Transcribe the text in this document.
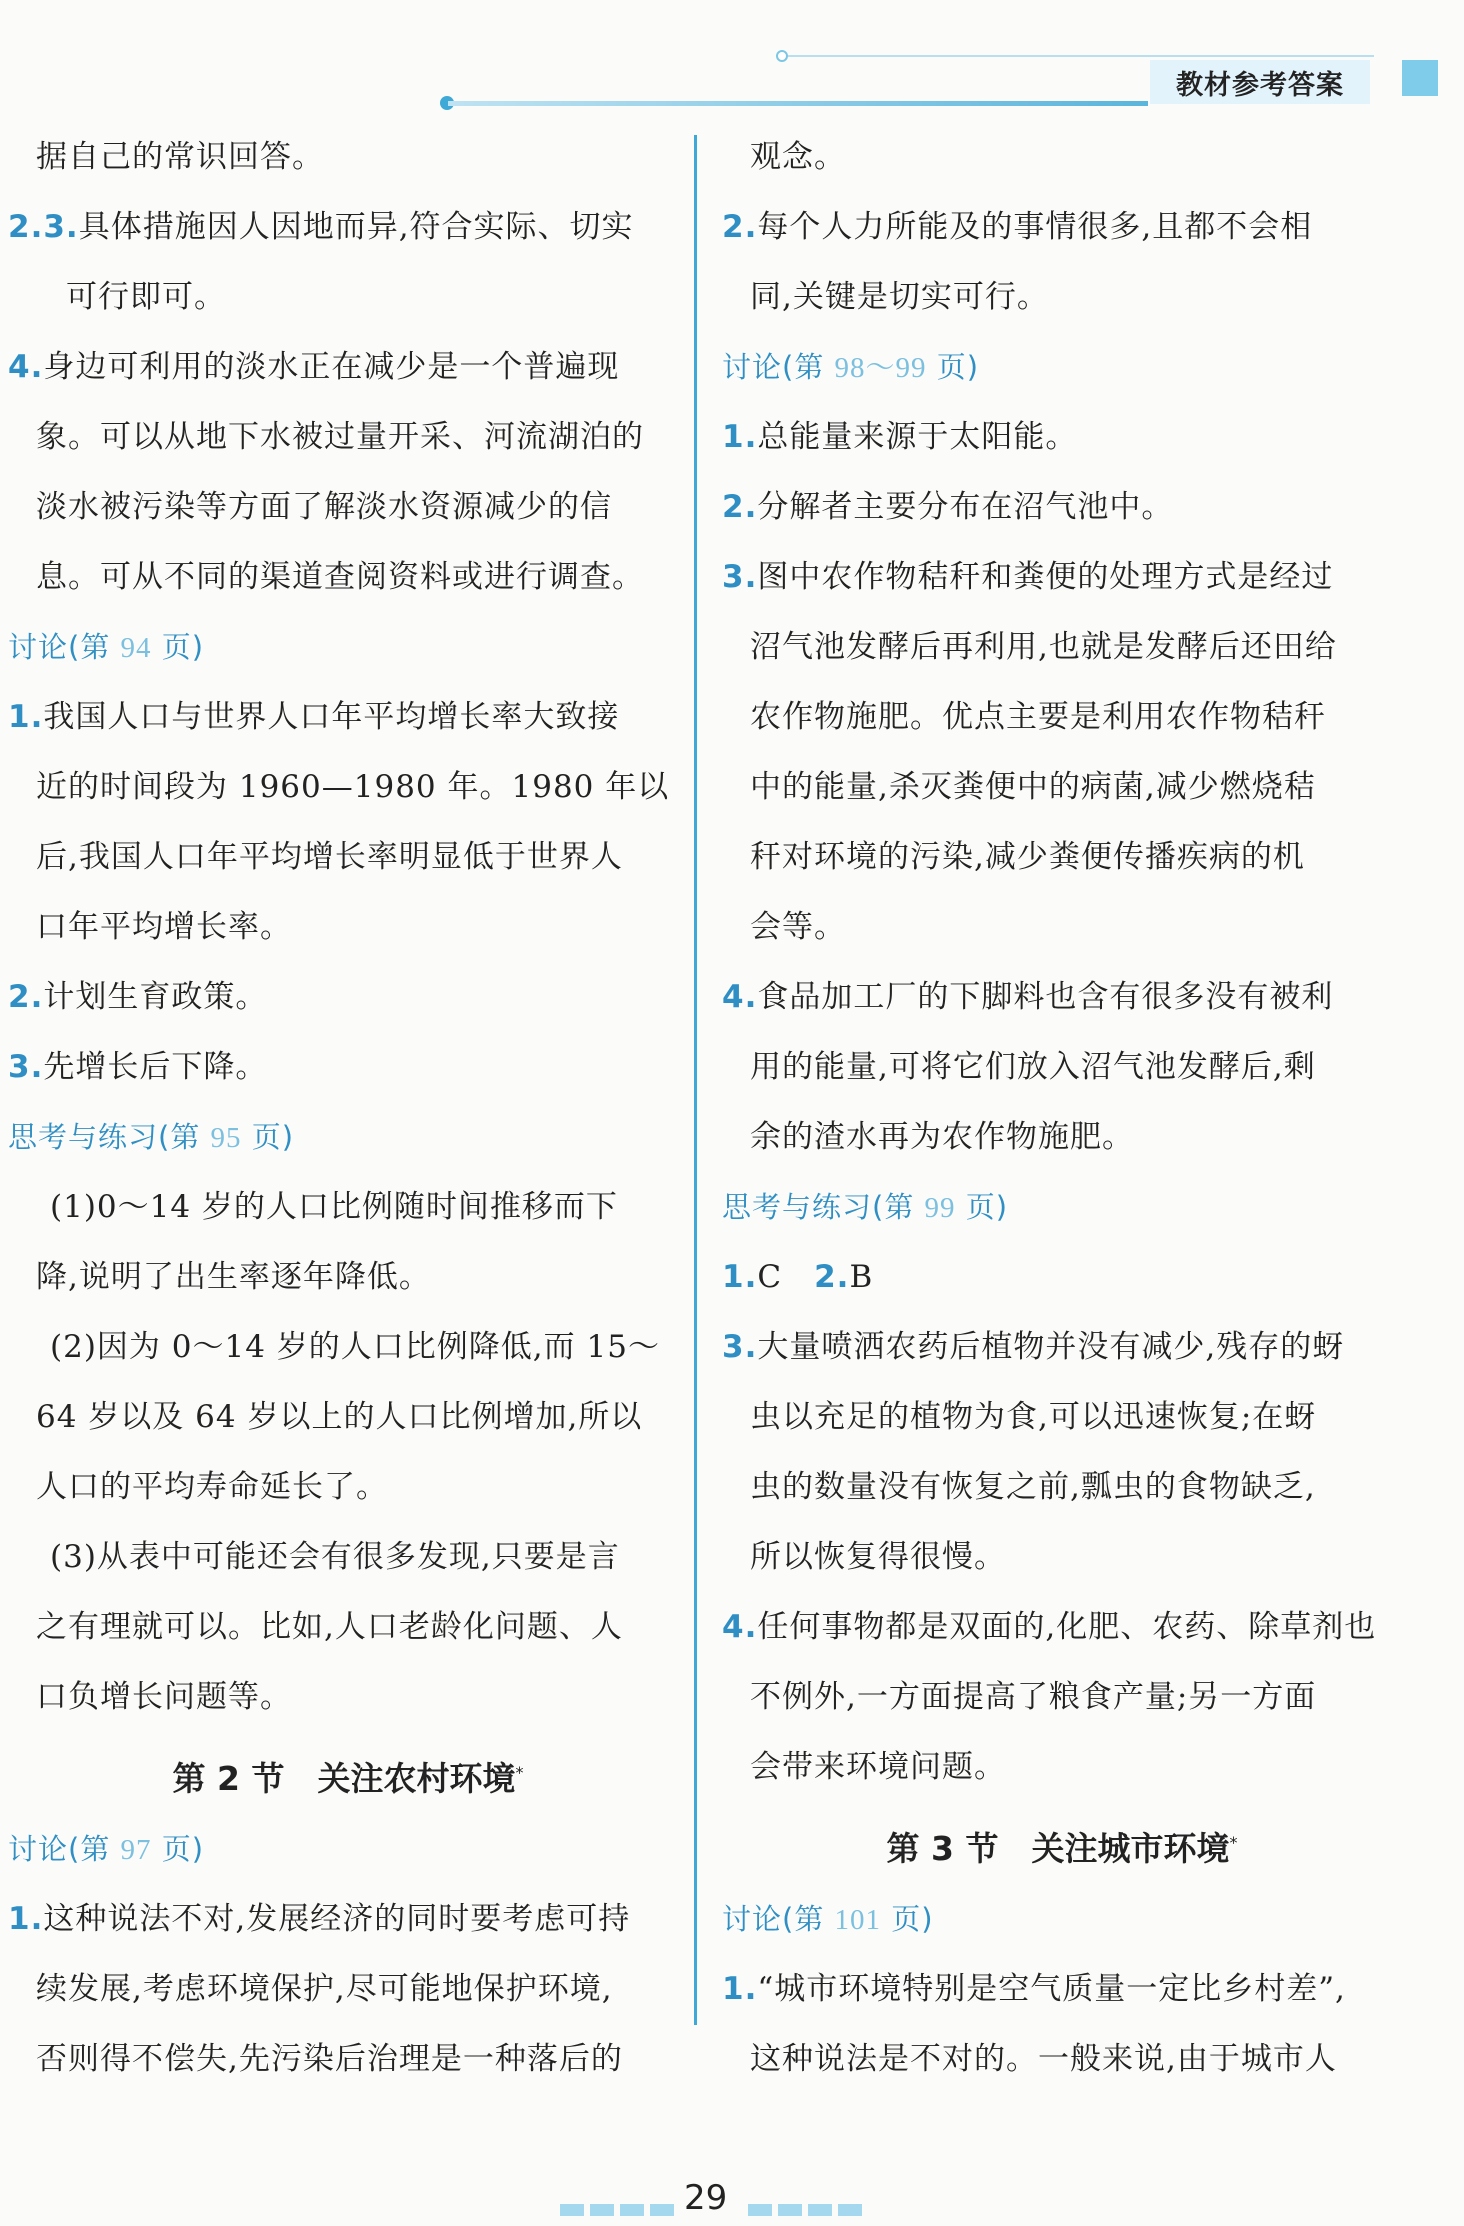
教材参考答案
据自己的常识回答。
2.3.具体措施因人因地而异,符合实际、切实
可行即可。
4.身边可利用的淡水正在减少是一个普遍现
象。可以从地下水被过量开采、河流湖泊的
淡水被污染等方面了解淡水资源减少的信
息。可从不同的渠道查阅资料或进行调查。
讨论(第 94 页)
1.我国人口与世界人口年平均增长率大致接
近的时间段为 1960—1980 年。1980 年以
后,我国人口年平均增长率明显低于世界人
口年平均增长率。
2.计划生育政策。
3.先增长后下降。
思考与练习(第 95 页)
(1)0～14 岁的人口比例随时间推移而下
降,说明了出生率逐年降低。
(2)因为 0～14 岁的人口比例降低,而 15～
64 岁以及 64 岁以上的人口比例增加,所以
人口的平均寿命延长了。
(3)从表中可能还会有很多发现,只要是言
之有理就可以。比如,人口老龄化问题、人
口负增长问题等。
第 2 节　关注农村环境*
讨论(第 97 页)
1.这种说法不对,发展经济的同时要考虑可持
续发展,考虑环境保护,尽可能地保护环境,
否则得不偿失,先污染后治理是一种落后的
观念。
2.每个人力所能及的事情很多,且都不会相
同,关键是切实可行。
讨论(第 98～99 页)
1.总能量来源于太阳能。
2.分解者主要分布在沼气池中。
3.图中农作物秸秆和粪便的处理方式是经过
沼气池发酵后再利用,也就是发酵后还田给
农作物施肥。优点主要是利用农作物秸秆
中的能量,杀灭粪便中的病菌,减少燃烧秸
秆对环境的污染,减少粪便传播疾病的机
会等。
4.食品加工厂的下脚料也含有很多没有被利
用的能量,可将它们放入沼气池发酵后,剩
余的渣水再为农作物施肥。
思考与练习(第 99 页)
1.C　2.B
3.大量喷洒农药后植物并没有减少,残存的蚜
虫以充足的植物为食,可以迅速恢复;在蚜
虫的数量没有恢复之前,瓢虫的食物缺乏,
所以恢复得很慢。
4.任何事物都是双面的,化肥、农药、除草剂也
不例外,一方面提高了粮食产量;另一方面
会带来环境问题。
第 3 节　关注城市环境*
讨论(第 101 页)
1.“城市环境特别是空气质量一定比乡村差”,
这种说法是不对的。一般来说,由于城市人
29
